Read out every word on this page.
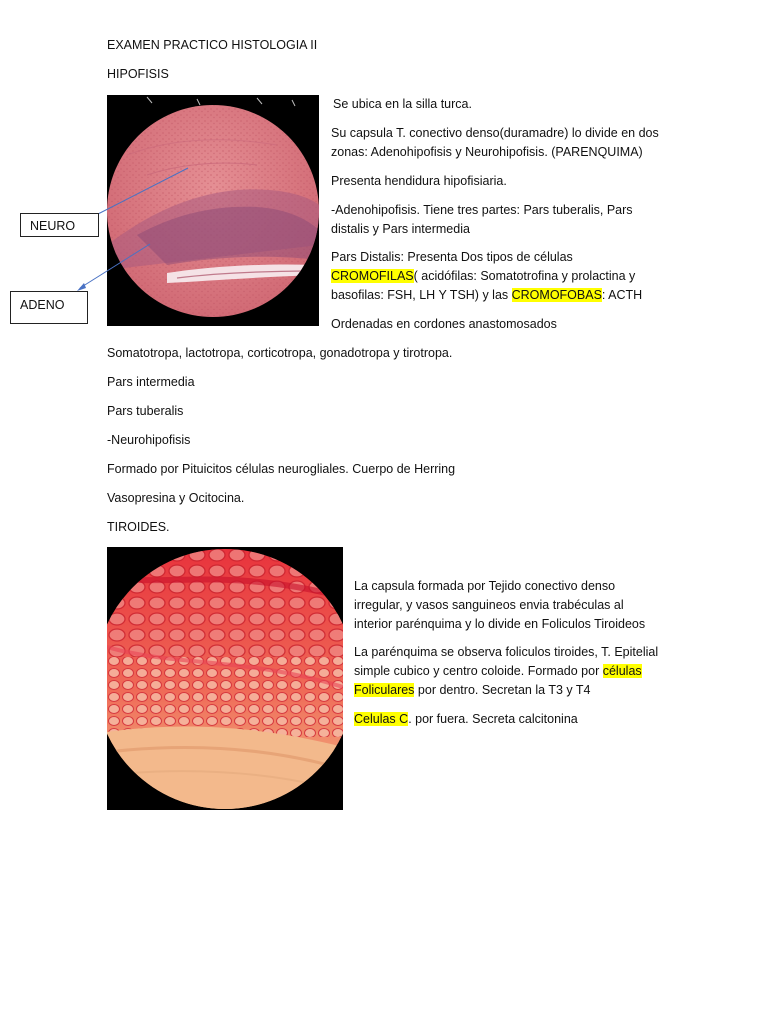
EXAMEN PRACTICO HISTOLOGIA II
HIPOFISIS
NEURO
ADENO
Se ubica en la silla turca.
Su capsula T. conectivo denso(duramadre) lo divide en dos zonas: Adenohipofisis y Neurohipofisis. (PARENQUIMA)
Presenta hendidura hipofisiaria.
-Adenohipofisis. Tiene tres partes: Pars tuberalis, Pars distalis y Pars intermedia
Pars Distalis: Presenta Dos tipos de células CROMOFILAS( acidófilas: Somatotrofina y prolactina y basofilas: FSH, LH Y TSH) y las CROMOFOBAS: ACTH
Ordenadas en cordones anastomosados
Somatotropa, lactotropa, corticotropa, gonadotropa y tirotropa.
Pars intermedia
Pars tuberalis
-Neurohipofisis
Formado por Pituicitos células neurogliales. Cuerpo de Herring
Vasopresina y Ocitocina.
TIROIDES.
La capsula formada por Tejido conectivo denso irregular, y vasos sanguineos envia trabéculas al interior parénquima y lo divide en Foliculos Tiroideos
La parénquima se observa foliculos tiroides, T. Epitelial simple cubico y centro coloide. Formado por células Foliculares por dentro. Secretan la T3 y T4
Celulas C. por fuera. Secreta calcitonina
